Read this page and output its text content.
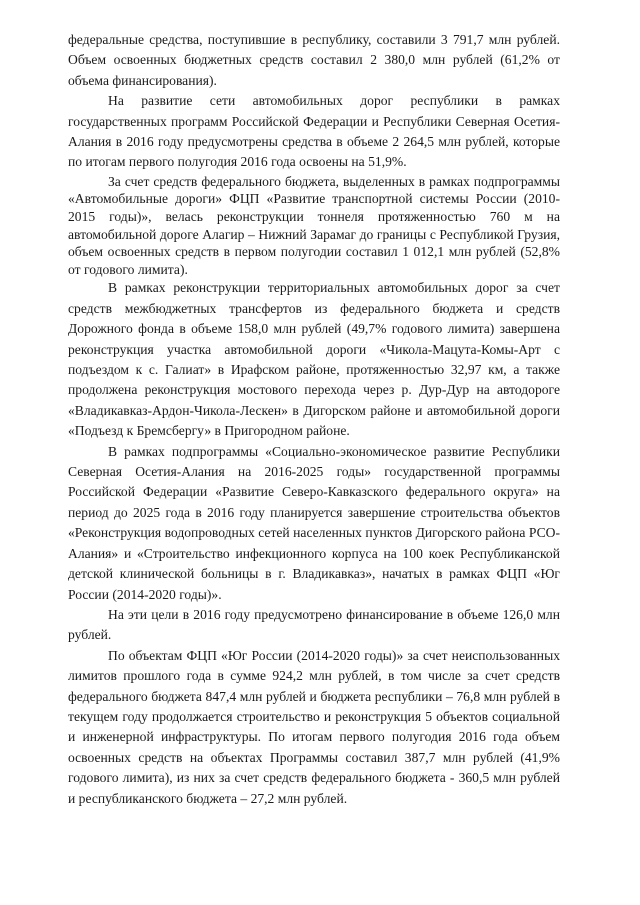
федеральные средства, поступившие в республику, составили 3 791,7 млн рублей. Объем освоенных бюджетных средств составил 2 380,0 млн рублей (61,2% от объема финансирования).

На развитие сети автомобильных дорог республики в рамках государственных программ Российской Федерации и Республики Северная Осетия-Алания в 2016 году предусмотрены средства в объеме 2 264,5 млн рублей, которые по итогам первого полугодия 2016 года освоены на 51,9%.

За счет средств федерального бюджета, выделенных в рамках подпрограммы «Автомобильные дороги» ФЦП «Развитие транспортной системы России (2010-2015 годы)», велась реконструкции тоннеля протяженностью 760 м на автомобильной дороге Алагир – Нижний Зарамаг до границы с Республикой Грузия, объем освоенных средств в первом полугодии составил 1 012,1 млн рублей (52,8% от годового лимита).

В рамках реконструкции территориальных автомобильных дорог за счет средств межбюджетных трансфертов из федерального бюджета и средств Дорожного фонда в объеме 158,0 млн рублей (49,7% годового лимита) завершена реконструкция участка автомобильной дороги «Чикола-Мацута-Комы-Арт с подъездом к с. Галиат» в Ирафском районе, протяженностью 32,97 км, а также продолжена реконструкция мостового перехода через р. Дур-Дур на автодороге «Владикавказ-Ардон-Чикола-Лескен» в Дигорском районе и автомобильной дороги «Подъезд к Бремсбергу» в Пригородном районе.

В рамках подпрограммы «Социально-экономическое развитие Республики Северная Осетия-Алания на 2016-2025 годы» государственной программы Российской Федерации «Развитие Северо-Кавказского федерального округа» на период до 2025 года в 2016 году планируется завершение строительства объектов «Реконструкция водопроводных сетей населенных пунктов Дигорского района РСО-Алания» и «Строительство инфекционного корпуса на 100 коек Республиканской детской клинической больницы в г. Владикавказ», начатых в рамках ФЦП «Юг России (2014-2020 годы)».

На эти цели в 2016 году предусмотрено финансирование в объеме 126,0 млн рублей.

По объектам ФЦП «Юг России (2014-2020 годы)» за счет неиспользованных лимитов прошлого года в сумме 924,2 млн рублей, в том числе за счет средств федерального бюджета 847,4 млн рублей и бюджета республики – 76,8 млн рублей в текущем году продолжается строительство и реконструкция 5 объектов социальной и инженерной инфраструктуры. По итогам первого полугодия 2016 года объем освоенных средств на объектах Программы составил 387,7 млн рублей (41,9% годового лимита), из них за счет средств федерального бюджета - 360,5 млн рублей и республиканского бюджета – 27,2 млн рублей.
